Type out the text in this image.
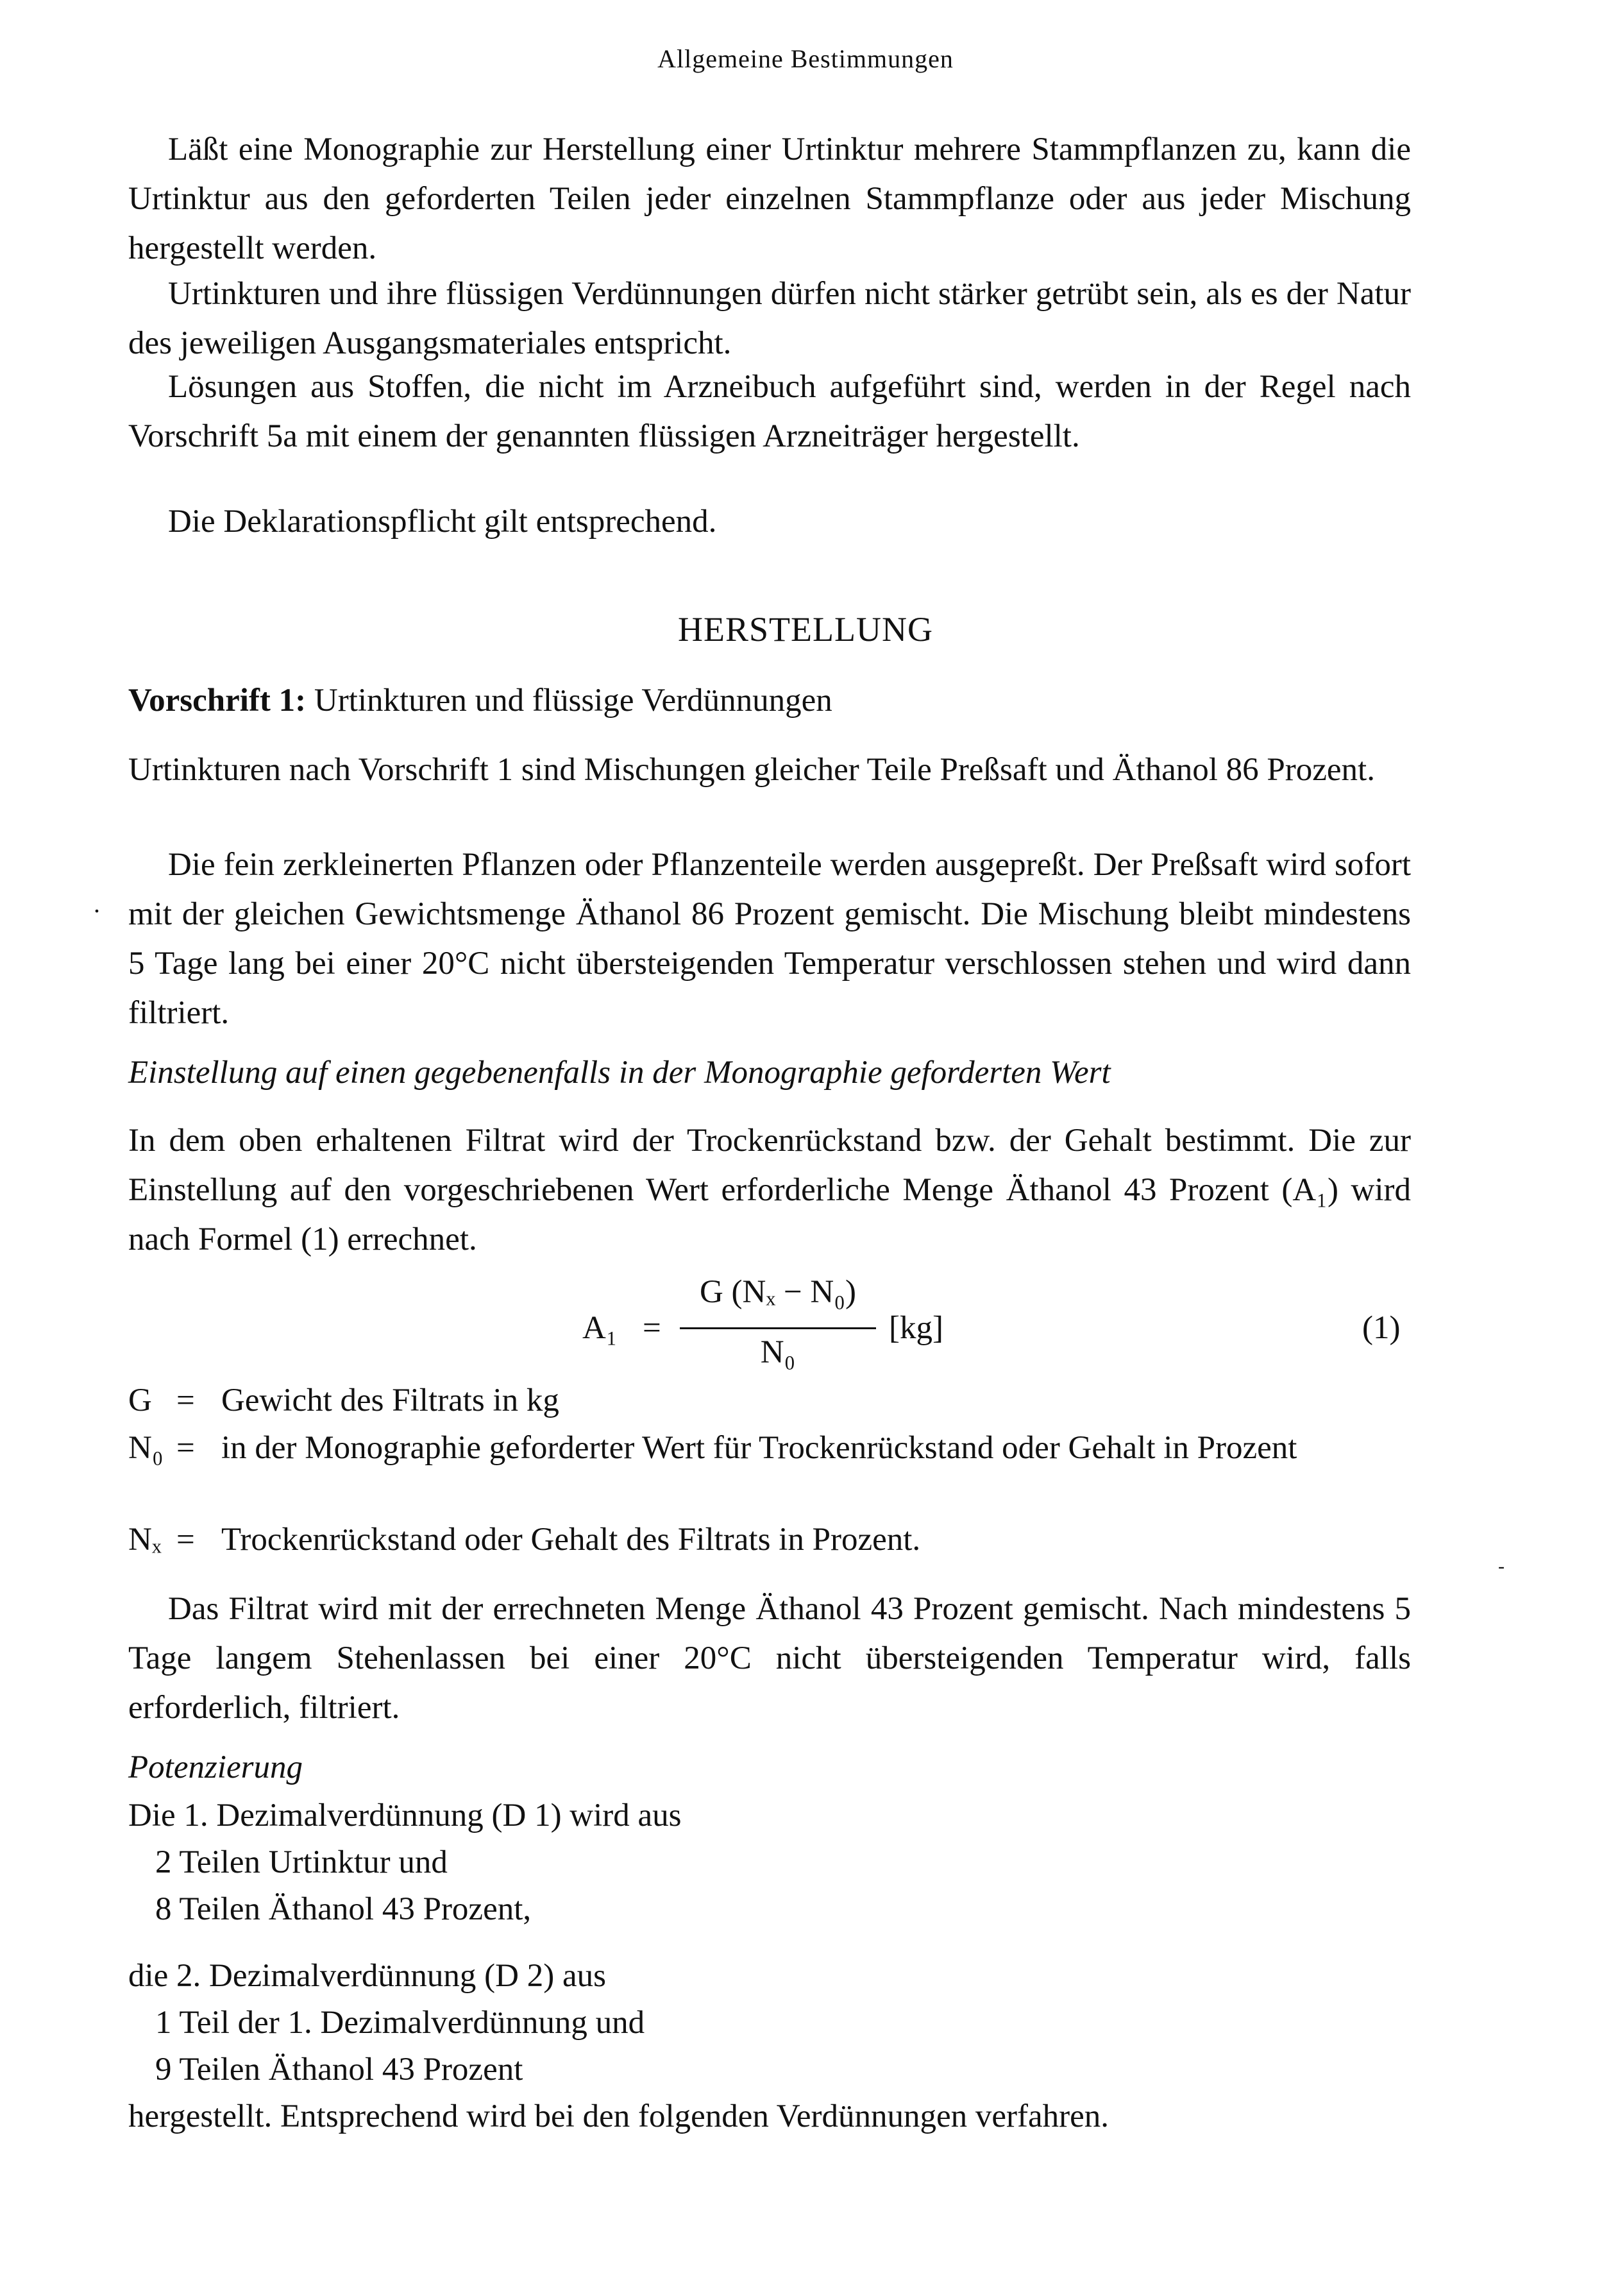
Allgemeine Bestimmungen
Läßt eine Monographie zur Herstellung einer Urtinktur mehrere Stammpflanzen zu, kann die Urtinktur aus den geforderten Teilen jeder einzelnen Stammpflanze oder aus jeder Mischung hergestellt werden.
Urtinkturen und ihre flüssigen Verdünnungen dürfen nicht stärker getrübt sein, als es der Natur des jeweiligen Ausgangsmateriales entspricht.
Lösungen aus Stoffen, die nicht im Arzneibuch aufgeführt sind, werden in der Regel nach Vorschrift 5a mit einem der genannten flüssigen Arzneiträger hergestellt.
Die Deklarationspflicht gilt entsprechend.
HERSTELLUNG
Vorschrift 1: Urtinkturen und flüssige Verdünnungen
Urtinkturen nach Vorschrift 1 sind Mischungen gleicher Teile Preßsaft und Äthanol 86 Prozent.
Die fein zerkleinerten Pflanzen oder Pflanzenteile werden ausgepreßt. Der Preßsaft wird sofort mit der gleichen Gewichtsmenge Äthanol 86 Prozent gemischt. Die Mischung bleibt mindestens 5 Tage lang bei einer 20°C nicht übersteigenden Temperatur verschlossen stehen und wird dann filtriert.
Einstellung auf einen gegebenenfalls in der Monographie geforderten Wert
In dem oben erhaltenen Filtrat wird der Trockenrückstand bzw. der Gehalt bestimmt. Die zur Einstellung auf den vorgeschriebenen Wert erforderliche Menge Äthanol 43 Prozent (A₁) wird nach Formel (1) errechnet.
A₁ =
G (Nₓ − N₀)
N₀
[kg]	(1)
G = Gewicht des Filtrats in kg
N₀ = in der Monographie geforderter Wert für Trockenrückstand oder Gehalt in Prozent
Nₓ = Trockenrückstand oder Gehalt des Filtrats in Prozent.
Das Filtrat wird mit der errechneten Menge Äthanol 43 Prozent gemischt. Nach mindestens 5 Tage langem Stehenlassen bei einer 20°C nicht übersteigenden Temperatur wird, falls erforderlich, filtriert.
Potenzierung
Die 1. Dezimalverdünnung (D 1) wird aus
2 Teilen Urtinktur und
8 Teilen Äthanol 43 Prozent,
die 2. Dezimalverdünnung (D 2) aus
1 Teil der 1. Dezimalverdünnung und
9 Teilen Äthanol 43 Prozent
hergestellt. Entsprechend wird bei den folgenden Verdünnungen verfahren.
.
-
